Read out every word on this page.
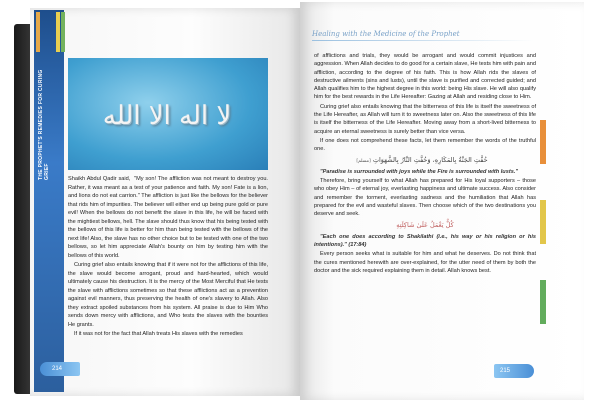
THE PROPHET'S REMEDIES FOR CURING GRIEF
لا اله الا الله

Shaikh Abdul Qadir said,  "My son! The affliction was not meant to destroy you. Rather, it was meant as a test of your patience and faith. My son! Fate is a lion, and lions do not eat carrion." The affliction is just like the bellows for the believer that rids him of impurities. The believer will either end up being pure gold or pure evil! When the bellows do not benefit the slave in this life, he will be faced with the mightiest bellows, hell. The slave should thus know that his being tested with the bellows of this life is better for him than being tested with the bellows of the next life! Also, the slave has no other choice but to be tested with one of the two bellows, so let him appreciate Allah's bounty on him by testing him with the bellows of this world.

Curing grief also entails knowing that if it were not for the afflictions of this life, the slave would become arrogant, proud and hard-hearted, which would ultimately cause his destruction. It is the mercy of the Most Merciful that He tests the slave with afflictions sometimes so that these afflictions act as a prevention against evil manners, thus preserving the health of one's slavery to Allah. Also they extract spoiled substances from his system. All praise is due to Him Who sends down mercy with afflictions, and Who tests the slaves with the bounties He grants.

If it was not for the fact that Allah treats His slaves with the remedies

214
Healing with the Medicine of the Prophet

of afflictions and trials, they would be arrogant and would commit injustices and aggression. When Allah decides to do good for a certain slave, He tests him with pain and affliction, according to the degree of his faith. This is how Allah rids the slaves of destructive ailments (sins and lusts), until the slave is purified and corrected guided; and Allah qualifies him to the highest degree in this world: being His slave. He will also qualify him for the best rewards in the Life Hereafter: Gazing at Allah and residing close to Him.

Curing grief also entails knowing that the bitterness of this life is itself the sweetness of the Life Hereafter, as Allah will turn it to sweetness later on. Also the sweetness of this life is itself the bitterness of the Life Hereafter. Moving away from a short-lived bitterness to acquire an eternal sweetness is surely better than vice versa.

If one does not comprehend these facts, let them remember the words of the truthful one.

حُفَّتِ الجَنَّةُ بِالمَكَارِهِ، وَحُفَّتِ النَّارُ بِالشَّهَوَاتِ [مسلم]

"Paradise is surrounded with joys while the Fire is surrounded with lusts."

Therefore, bring yourself to what Allah has prepared for His loyal supporters – those who obey Him – of eternal joy, everlasting happiness and ultimate success. Also consider and remember the torment, everlasting sadness and the humiliation that Allah has prepared for the evil and wasteful slaves. Then choose which of the two destinations you deserve and seek.

كُلٌّ يَعْمَلُ عَلَىٰ شَاكِلَتِهِ

"Each one does according to Shakilathi (i.e., his way or his religion or his intentions)." (17:84)

Every person seeks what is suitable for him and what he deserves. Do not think that the cures mentioned herewith are over-explained, for the utter need of them by both the doctor and the sick required explaining them in detail. Allah knows best.

215
